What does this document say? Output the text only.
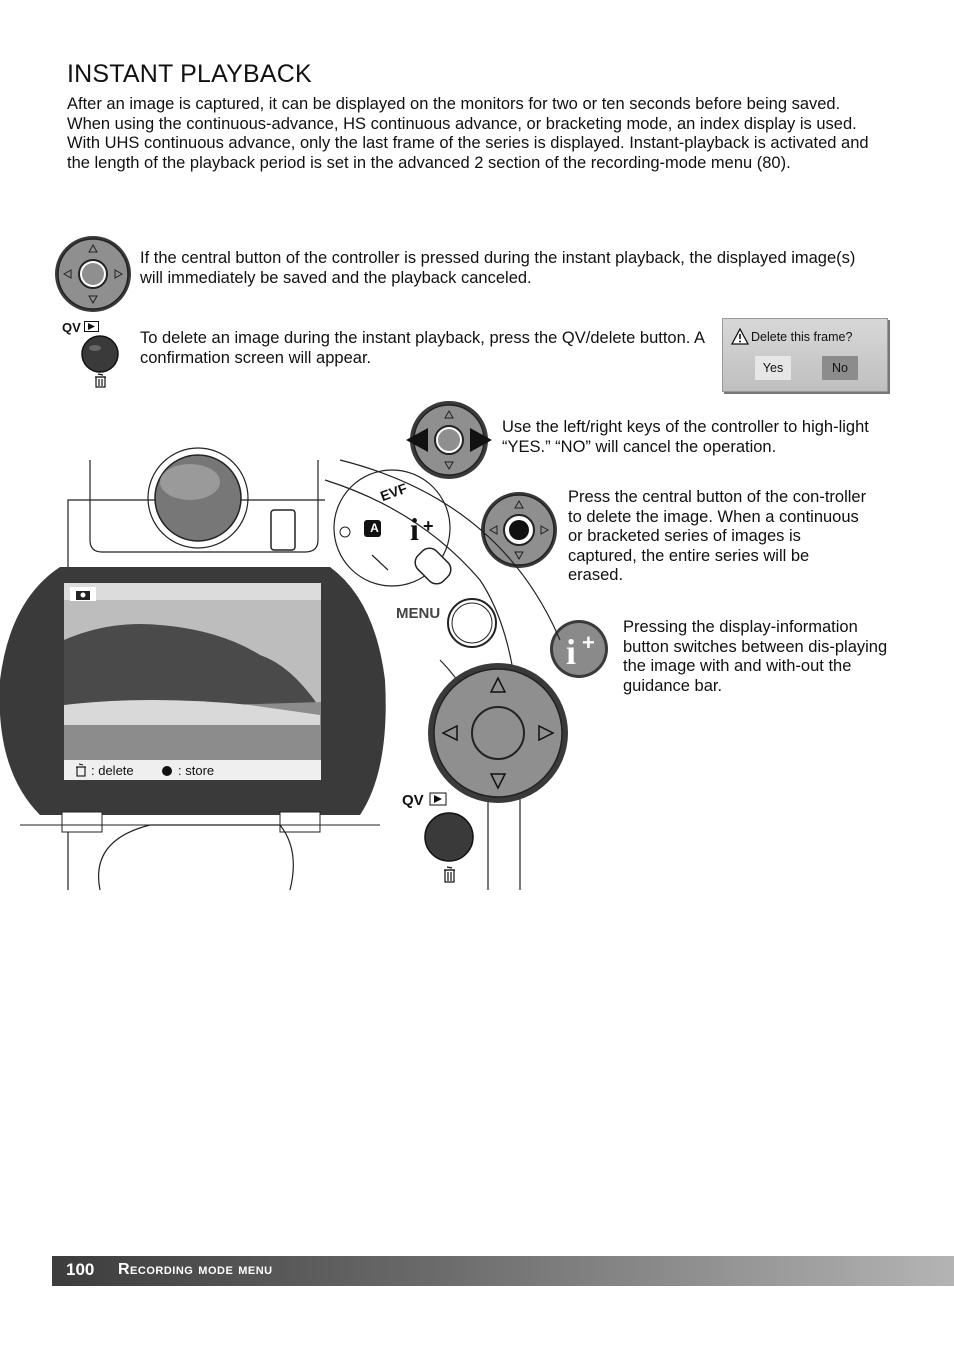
INSTANT PLAYBACK
After an image is captured, it can be displayed on the monitors for two or ten seconds before being saved. When using the continuous-advance, HS continuous advance, or bracketing mode, an index display is used. With UHS continuous advance, only the last frame of the series is displayed. Instant-playback is activated and the length of the playback period is set in the advanced 2 section of the recording-mode menu (80).
If the central button of the controller is pressed during the instant playback, the displayed image(s) will immediately be saved and the playback canceled.
QV
To delete an image during the instant playback, press the QV/delete button. A confirmation screen will appear.
Delete this frame?
Yes	No
Use the left/right keys of the controller to high-light “YES.” “NO” will cancel the operation.
Press the central button of the con-troller to delete the image. When a continuous or bracketed series of images is captured, the entire series will be erased.
i +
Pressing the display-information button switches between dis-playing the image with and with-out the guidance bar.
i +
EVF
A
MENU
QV
: delete	: store
100 Recording mode menu
